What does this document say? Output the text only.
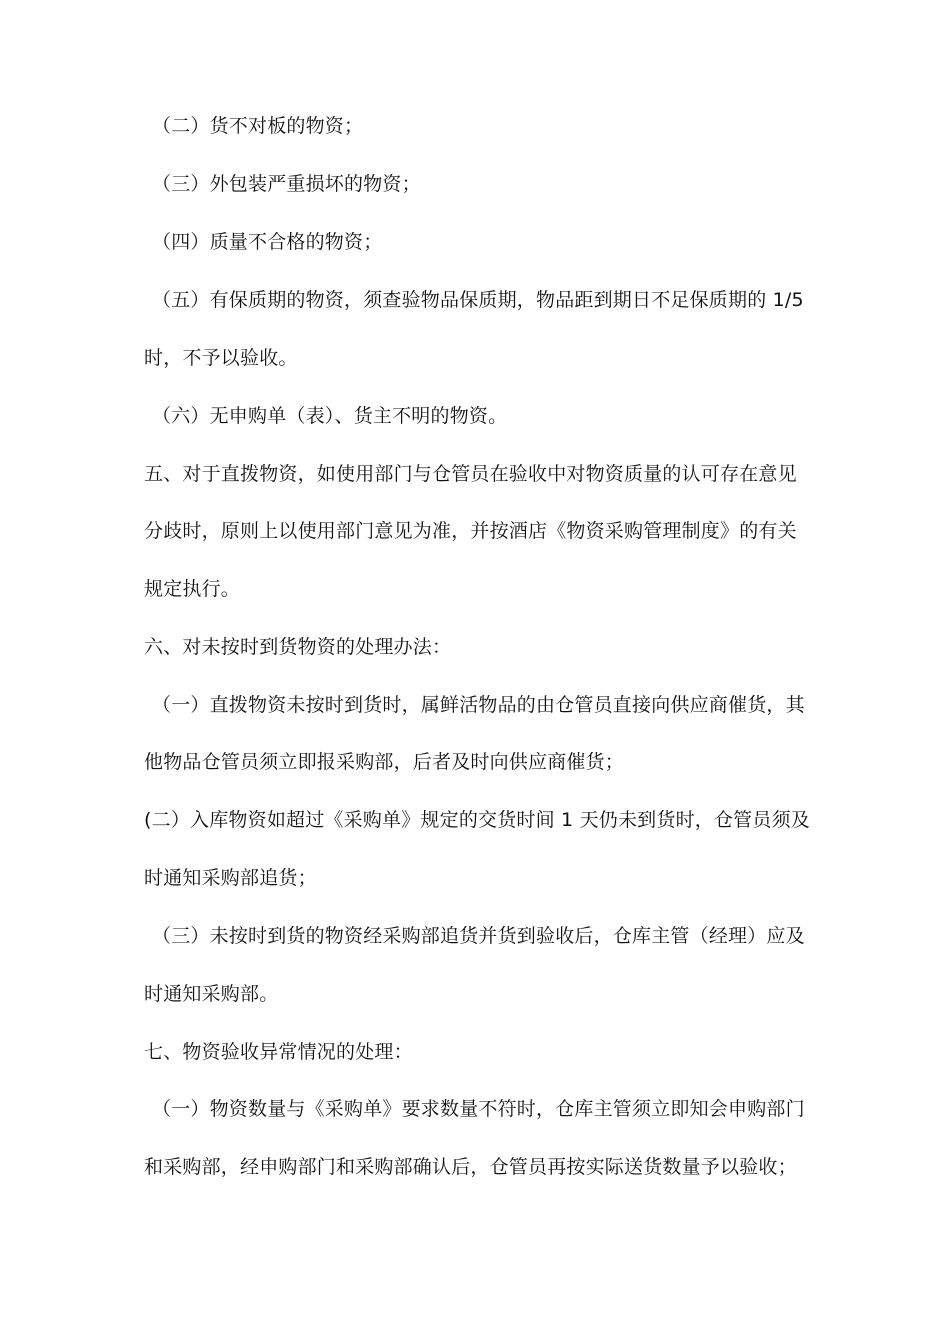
（二）货不对板的物资；
（三）外包装严重损坏的物资；
（四）质量不合格的物资；
（五）有保质期的物资，须查验物品保质期，物品距到期日不足保质期的 1/5
时，不予以验收。
（六）无申购单（表）、货主不明的物资。
五、对于直拨物资，如使用部门与仓管员在验收中对物资质量的认可存在意见
分歧时，原则上以使用部门意见为准，并按酒店《物资采购管理制度》的有关
规定执行。
六、对未按时到货物资的处理办法：
（一）直拨物资未按时到货时，属鲜活物品的由仓管员直接向供应商催货，其
他物品仓管员须立即报采购部，后者及时向供应商催货；
(二）入库物资如超过《采购单》规定的交货时间 1 天仍未到货时，仓管员须及
时通知采购部追货；
（三）未按时到货的物资经采购部追货并货到验收后，仓库主管（经理）应及
时通知采购部。
七、物资验收异常情况的处理：
（一）物资数量与《采购单》要求数量不符时，仓库主管须立即知会申购部门
和采购部，经申购部门和采购部确认后，仓管员再按实际送货数量予以验收；
